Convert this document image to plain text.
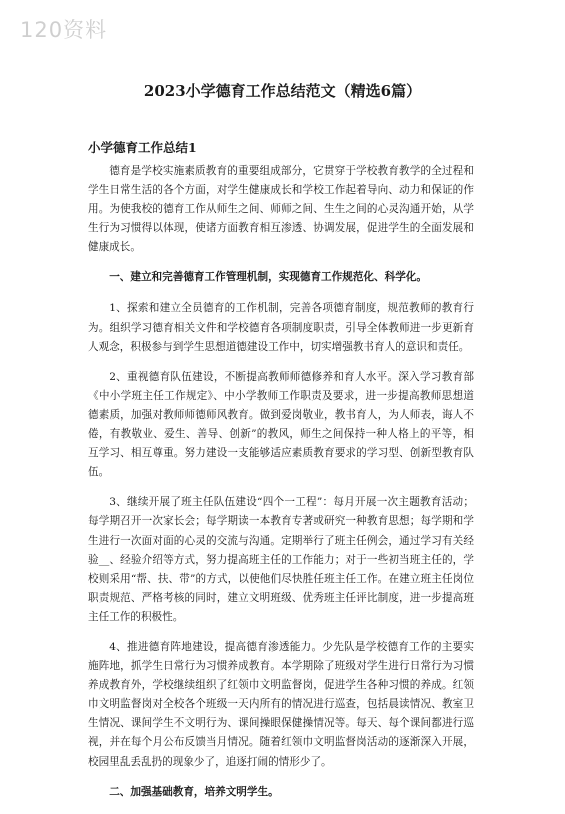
120资料
2023小学德育工作总结范文（精选6篇）
小学德育工作总结1

德育是学校实施素质教育的重要组成部分，它贯穿于学校教育教学的全过程和学生日常生活的各个方面，对学生健康成长和学校工作起着导向、动力和保证的作用。为使我校的德育工作从师生之间、师师之间、生生之间的心灵沟通开始，从学生行为习惯得以体现，使诸方面教育相互渗透、协调发展，促进学生的全面发展和健康成长。

一、建立和完善德育工作管理机制，实现德育工作规范化、科学化。

1、探索和建立全员德育的工作机制，完善各项德育制度，规范教师的教育行为。组织学习德育相关文件和学校德育各项制度职责，引导全体教师进一步更新育人观念，积极参与到学生思想道德建设工作中，切实增强教书育人的意识和责任。

2、重视德育队伍建设，不断提高教师师德修养和育人水平。深入学习教育部《中小学班主任工作规定》、中小学教师工作职责及要求，进一步提高教师思想道德素质，加强对教师师德师风教育。做到爱岗敬业，教书育人，为人师表，诲人不倦，有教敬业、爱生、善导、创新”的教风，师生之间保持一种人格上的平等，相互学习、相互尊重。努力建设一支能够适应素质教育要求的学习型、创新型教育队伍。

3、继续开展了班主任队伍建设“四个一工程”：每月开展一次主题教育活动；每学期召开一次家长会；每学期读一本教育专著或研究一种教育思想；每学期和学生进行一次面对面的心灵的交流与沟通。定期举行了班主任例会，通过学习有关经验__、经验介绍等方式，努力提高班主任的工作能力；对于一些初当班主任的，学校则采用“帮、扶、带”的方式，以使他们尽快胜任班主任工作。在建立班主任岗位职责规范、严格考核的同时，建立文明班级、优秀班主任评比制度，进一步提高班主任工作的积极性。

4、推进德育阵地建设，提高德育渗透能力。少先队是学校德育工作的主要实施阵地，抓学生日常行为习惯养成教育。本学期除了班级对学生进行日常行为习惯养成教育外，学校继续组织了红领巾文明监督岗，促进学生各种习惯的养成。红领巾文明监督岗对全校各个班级一天内所有的情况进行巡查，包括晨读情况、教室卫生情况、课间学生不文明行为、课间操眼保健操情况等。每天、每个课间都进行巡视，并在每个月公布反馈当月情况。随着红领巾文明监督岗活动的逐渐深入开展，校园里乱丢乱扔的现象少了，追逐打闹的情形少了。

二、加强基础教育，培养文明学生。
